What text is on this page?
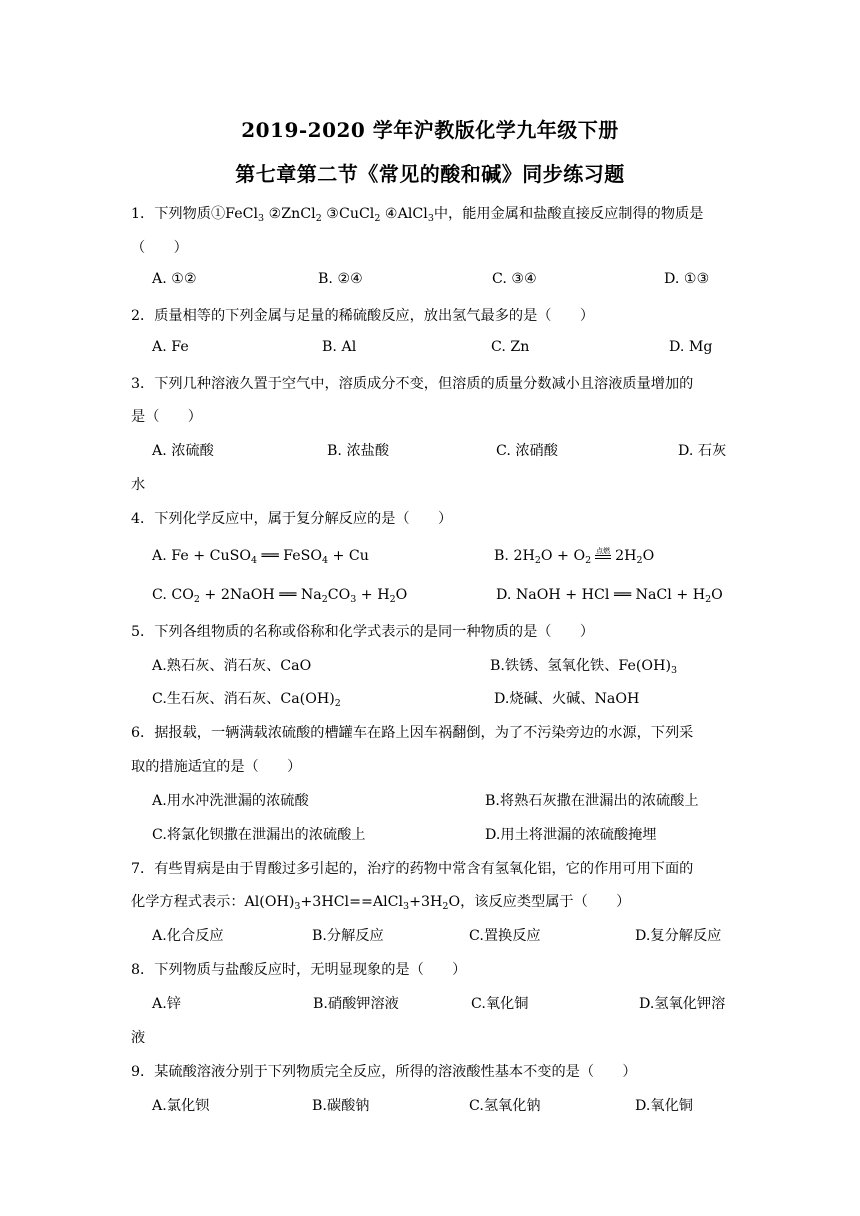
2019-2020 学年沪教版化学九年级下册
第七章第二节《常见的酸和碱》同步练习题
1．下列物质①FeCl$_3$ ②ZnCl$_2$ ③CuCl$_2$ ④AlCl$_3$中，能用金属和盐酸直接反应制得的物质是
（　　）
A. ①②	B. ②④	C. ③④	D. ①③
2．质量相等的下列金属与足量的稀硫酸反应，放出氢气最多的是（　　）
A. Fe	B. Al	C. Zn	D. Mg
3．下列几种溶液久置于空气中，溶质成分不变，但溶质的质量分数减小且溶液质量增加的
是（　　）
A. 浓硫酸	B. 浓盐酸	C. 浓硝酸	D. 石灰
水
4．下列化学反应中，属于复分解反应的是（　　）
A. Fe + CuSO$_4$ ══ FeSO$_4$ + Cu	B. $2H_2O + O_2$
点燃 $2H_2O$
C. $CO_2$ + 2NaOH ══ $Na_2CO_3 + H_2O$	D. NaOH + HCl ══ NaCl + $H_2O$
5．下列各组物质的名称或俗称和化学式表示的是同一种物质的是（　　）
A.熟石灰、消石灰、CaO	B.铁锈、氢氧化铁、$Fe(OH)_3$
C.生石灰、消石灰、$Ca(OH)_2$	D.烧碱、火碱、NaOH
6．据报载，一辆满载浓硫酸的槽罐车在路上因车祸翻倒，为了不污染旁边的水源，下列采
取的措施适宜的是（　　）
A.用水冲洗泄漏的浓硫酸	B.将熟石灰撒在泄漏出的浓硫酸上
C.将氯化钡撒在泄漏出的浓硫酸上	D.用土将泄漏的浓硫酸掩埋
7．有些胃病是由于胃酸过多引起的，治疗的药物中常含有氢氧化铝，它的作用可用下面的
化学方程式表示：$Al(OH)_3+3HCl==AlCl_3+3H_2O$，该反应类型属于（　　）
A.化合反应	B.分解反应	C.置换反应	D.复分解反应
8．下列物质与盐酸反应时，无明显现象的是（　　）
A.锌	B.硝酸钾溶液	C.氧化铜	D.氢氧化钾溶
液
9．某硫酸溶液分别于下列物质完全反应，所得的溶液酸性基本不变的是（　　）
A.氯化钡	B.碳酸钠	C.氢氧化钠	D.氧化铜
